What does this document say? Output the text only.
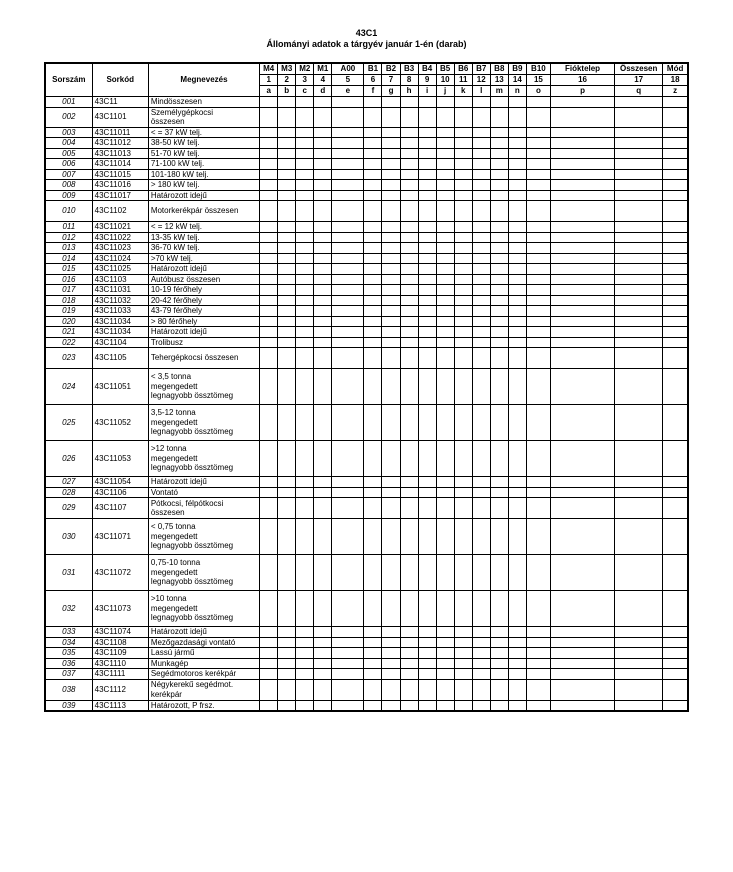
43C1
Állományi adatok a tárgyév január 1-én (darab)
Sorszám	Sorkód	Megnevezés	M4	M3	M2	M1	A00	B1	B2	B3	B4	B5	B6	B7	B8	B9	B10	Fióktelep	Összesen	Mód
			1	2	3	4	5	6	7	8	9	10	11	12	13	14	15	16	17	18
			a	b	c	d	e	f	g	h	i	j	k	l	m	n	o	p	q	z
001	43C11	Mindösszesen																		
002	43C1101	Személygépkocsi
összesen																		
003	43C11011	< = 37 kW telj.																		
004	43C11012	38-50 kW telj.																		
005	43C11013	51-70 kW telj.																		
006	43C11014	71-100 kW telj.																		
007	43C11015	101-180 kW telj.																		
008	43C11016	> 180 kW telj.																		
009	43C11017	Határozott idejű																		
010	43C1102	Motorkerékpár összesen																		
011	43C11021	< = 12 kW telj.																		
012	43C11022	13-35 kW telj.																		
013	43C11023	36-70 kW telj.																		
014	43C11024	>70 kW telj.																		
015	43C11025	Határozott idejű																		
016	43C1103	Autóbusz összesen																		
017	43C11031	10-19 férőhely																		
018	43C11032	20-42 férőhely																		
019	43C11033	43-79 férőhely																		
020	43C11034	> 80 férőhely																		
021	43C11034	Határozott idejű																		
022	43C1104	Trolibusz																		
023	43C1105	Tehergépkocsi összesen																		
024	43C11051	< 3,5 tonna
megengedett
legnagyobb össztömeg																		
025	43C11052	3,5-12 tonna
megengedett
legnagyobb össztömeg																		
026	43C11053	>12 tonna
megengedett
legnagyobb össztömeg																		
027	43C11054	Határozott idejű																		
028	43C1106	Vontató																		
029	43C1107	Pótkocsi, félpótkocsi
összesen																		
030	43C11071	< 0,75 tonna
megengedett
legnagyobb össztömeg																		
031	43C11072	0,75-10 tonna
megengedett
legnagyobb össztömeg																		
032	43C11073	>10 tonna
megengedett
legnagyobb össztömeg																		
033	43C11074	Határozott idejű																		
034	43C1108	Mezőgazdasági vontató																		
035	43C1109	Lassú jármű																		
036	43C1110	Munkagép																		
037	43C1111	Segédmotoros kerékpár																		
038	43C1112	Négykerekű segédmot.
kerékpár																		
039	43C1113	Határozott, P frsz.																		
